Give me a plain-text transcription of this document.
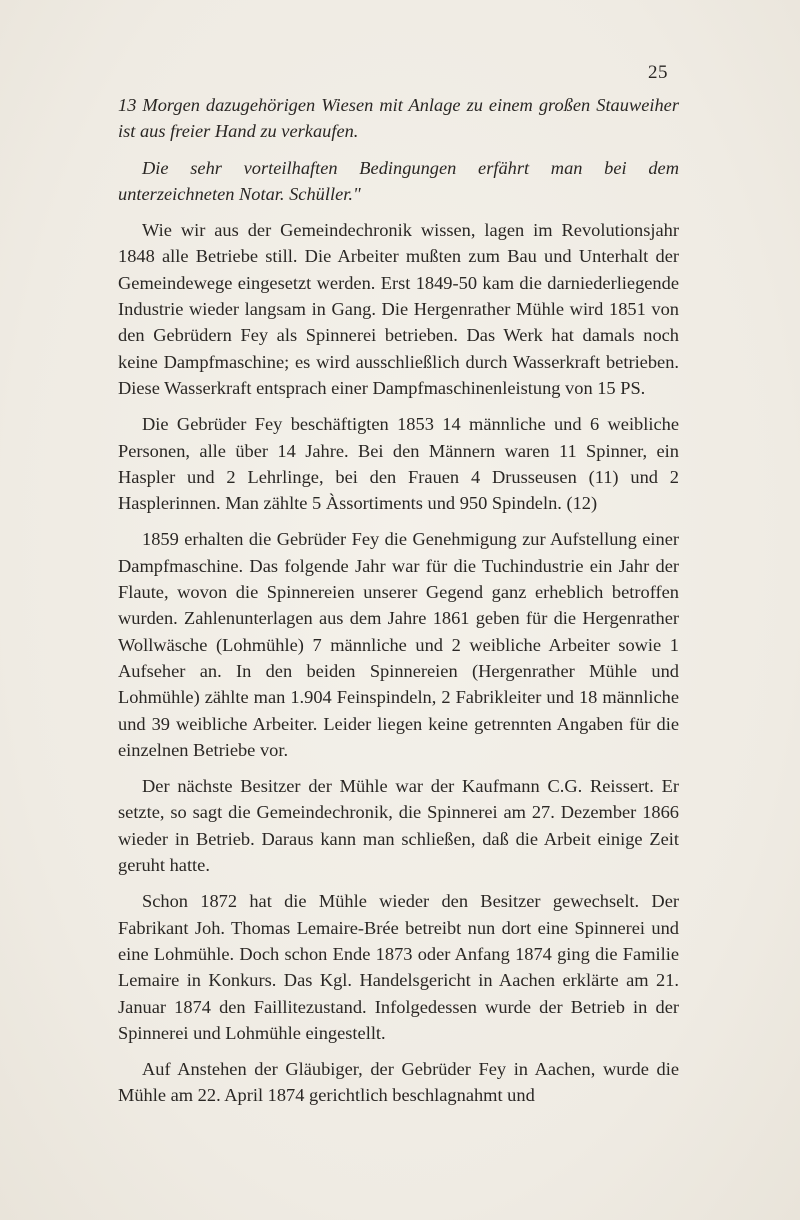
25

13 Morgen dazugehörigen Wiesen mit Anlage zu einem großen Stauweiher ist aus freier Hand zu verkaufen.

Die sehr vorteilhaften Bedingungen erfährt man bei dem unterzeichneten Notar. Schüller."

Wie wir aus der Gemeindechronik wissen, lagen im Revolutionsjahr 1848 alle Betriebe still. Die Arbeiter mußten zum Bau und Unterhalt der Gemeindewege eingesetzt werden. Erst 1849-50 kam die darniederliegende Industrie wieder langsam in Gang. Die Hergenrather Mühle wird 1851 von den Gebrüdern Fey als Spinnerei betrieben. Das Werk hat damals noch keine Dampfmaschine; es wird ausschließlich durch Wasserkraft betrieben. Diese Wasserkraft entsprach einer Dampfmaschinenleistung von 15 PS.

Die Gebrüder Fey beschäftigten 1853 14 männliche und 6 weibliche Personen, alle über 14 Jahre. Bei den Männern waren 11 Spinner, ein Haspler und 2 Lehrlinge, bei den Frauen 4 Drusseusen (11) und 2 Hasplerinnen. Man zählte 5 Àssortiments und 950 Spindeln. (12)

1859 erhalten die Gebrüder Fey die Genehmigung zur Aufstellung einer Dampfmaschine. Das folgende Jahr war für die Tuchindustrie ein Jahr der Flaute, wovon die Spinnereien unserer Gegend ganz erheblich betroffen wurden. Zahlenunterlagen aus dem Jahre 1861 geben für die Hergenrather Wollwäsche (Lohmühle) 7 männliche und 2 weibliche Arbeiter sowie 1 Aufseher an. In den beiden Spinnereien (Hergenrather Mühle und Lohmühle) zählte man 1.904 Feinspindeln, 2 Fabrikleiter und 18 männliche und 39 weibliche Arbeiter. Leider liegen keine getrennten Angaben für die einzelnen Betriebe vor.

Der nächste Besitzer der Mühle war der Kaufmann C.G. Reissert. Er setzte, so sagt die Gemeindechronik, die Spinnerei am 27. Dezember 1866 wieder in Betrieb. Daraus kann man schließen, daß die Arbeit einige Zeit geruht hatte.

Schon 1872 hat die Mühle wieder den Besitzer gewechselt. Der Fabrikant Joh. Thomas Lemaire-Brée betreibt nun dort eine Spinnerei und eine Lohmühle. Doch schon Ende 1873 oder Anfang 1874 ging die Familie Lemaire in Konkurs. Das Kgl. Handelsgericht in Aachen erklärte am 21. Januar 1874 den Faillitezustand. Infolgedessen wurde der Betrieb in der Spinnerei und Lohmühle eingestellt.

Auf Anstehen der Gläubiger, der Gebrüder Fey in Aachen, wurde die Mühle am 22. April 1874 gerichtlich beschlagnahmt und
